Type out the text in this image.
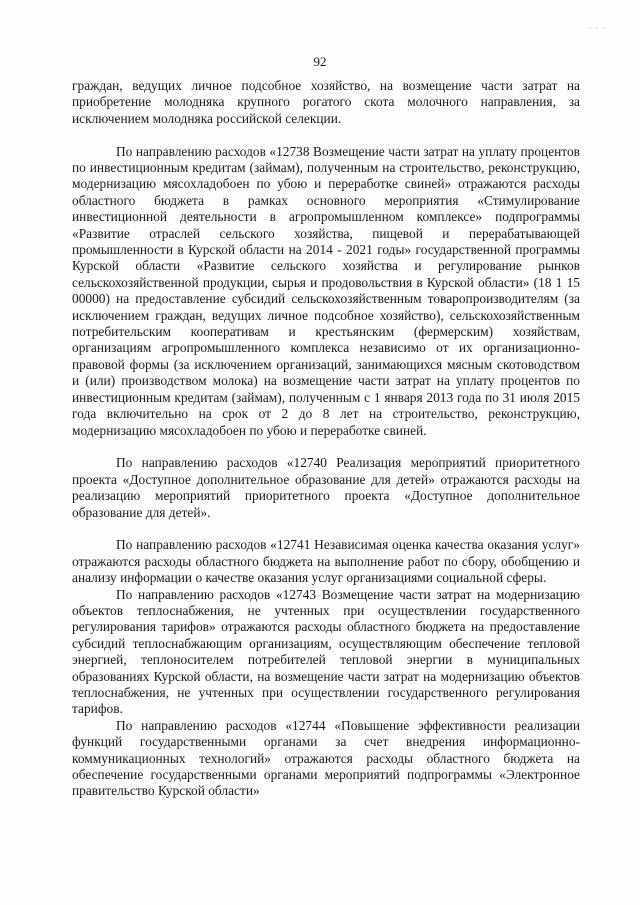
· · ·
92

граждан, ведущих личное подсобное хозяйство, на возмещение части затрат на приобретение молодняка крупного рогатого скота молочного направления, за исключением молодняка российской селекции.

По направлению расходов «12738 Возмещение части затрат на уплату процентов по инвестиционным кредитам (займам), полученным на строительство, реконструкцию, модернизацию мясохладобоен по убою и переработке свиней» отражаются расходы областного бюджета в рамках основного мероприятия «Стимулирование инвестиционной деятельности в агропромышленном комплексе» подпрограммы «Развитие отраслей сельского хозяйства, пищевой и перерабатывающей промышленности в Курской области на 2014 - 2021 годы» государственной программы Курской области «Развитие сельского хозяйства и регулирование рынков сельскохозяйственной продукции, сырья и продовольствия в Курской области» (18 1 15 00000) на предоставление субсидий сельскохозяйственным товаропроизводителям (за исключением граждан, ведущих личное подсобное хозяйство), сельскохозяйственным потребительским кооперативам и крестьянским (фермерским) хозяйствам, организациям агропромышленного комплекса независимо от их организационно-правовой формы (за исключением организаций, занимающихся мясным скотоводством и (или) производством молока) на возмещение части затрат на уплату процентов по инвестиционным кредитам (займам), полученным с 1 января 2013 года по 31 июля 2015 года включительно на срок от 2 до 8 лет на строительство, реконструкцию, модернизацию мясохладобоен по убою и переработке свиней.

По направлению расходов «12740 Реализация мероприятий приоритетного проекта «Доступное дополнительное образование для детей» отражаются расходы на реализацию мероприятий приоритетного проекта «Доступное дополнительное образование для детей».

По направлению расходов «12741 Независимая оценка качества оказания услуг» отражаются расходы областного бюджета на выполнение работ по сбору, обобщению и анализу информации о качестве оказания услуг организациями социальной сферы.

По направлению расходов «12743 Возмещение части затрат на модернизацию объектов теплоснабжения, не учтенных при осуществлении государственного регулирования тарифов» отражаются расходы областного бюджета на предоставление субсидий теплоснабжающим организациям, осуществляющим обеспечение тепловой энергией, теплоносителем потребителей тепловой энергии в муниципальных образованиях Курской области, на возмещение части затрат на модернизацию объектов теплоснабжения, не учтенных при осуществлении государственного регулирования тарифов.

По направлению расходов «12744 «Повышение эффективности реализации функций государственными органами за счет внедрения информационно-коммуникационных технологий» отражаются расходы областного бюджета на обеспечение государственными органами мероприятий подпрограммы «Электронное правительство Курской области»
